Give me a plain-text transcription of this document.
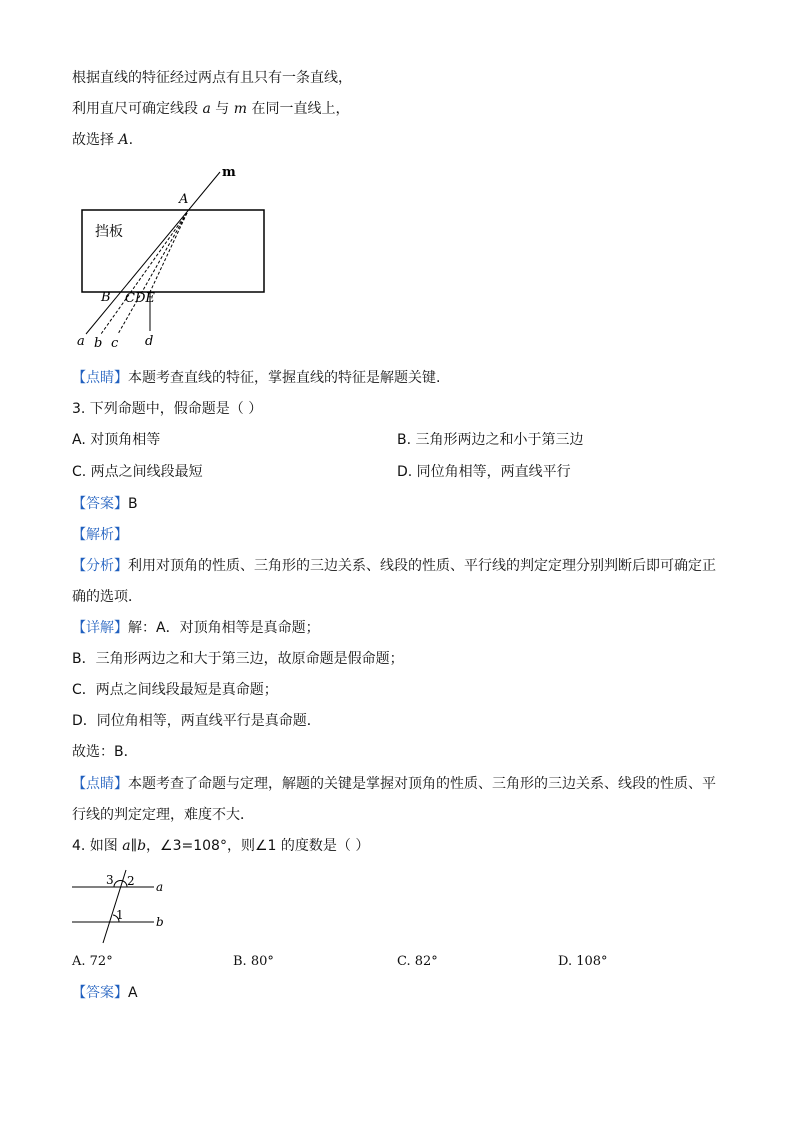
根据直线的特征经过两点有且只有一条直线，
利用直尺可确定线段 a 与 m 在同一直线上，
故选择 A.
m
A
挡板
B CDE
a b c d
【点睛】本题考查直线的特征，掌握直线的特征是解题关键.
3. 下列命题中，假命题是（ ）
A. 对顶角相等	B. 三角形两边之和小于第三边
C. 两点之间线段最短	D. 同位角相等，两直线平行
【答案】B
【解析】
【分析】利用对顶角的性质、三角形的三边关系、线段的性质、平行线的判定定理分别判断后即可确定正
确的选项．
【详解】解：A．对顶角相等是真命题；
B．三角形两边之和大于第三边，故原命题是假命题；
C．两点之间线段最短是真命题；
D．同位角相等，两直线平行是真命题．
故选：B．
【点睛】本题考查了命题与定理，解题的关键是掌握对顶角的性质、三角形的三边关系、线段的性质、平
行线的判定定理，难度不大．
4. 如图 a∥b，∠3=108°，则∠1 的度数是（ ）
3 2
1
a
b
A. 72°	B. 80°	C. 82°	D. 108°
【答案】A
